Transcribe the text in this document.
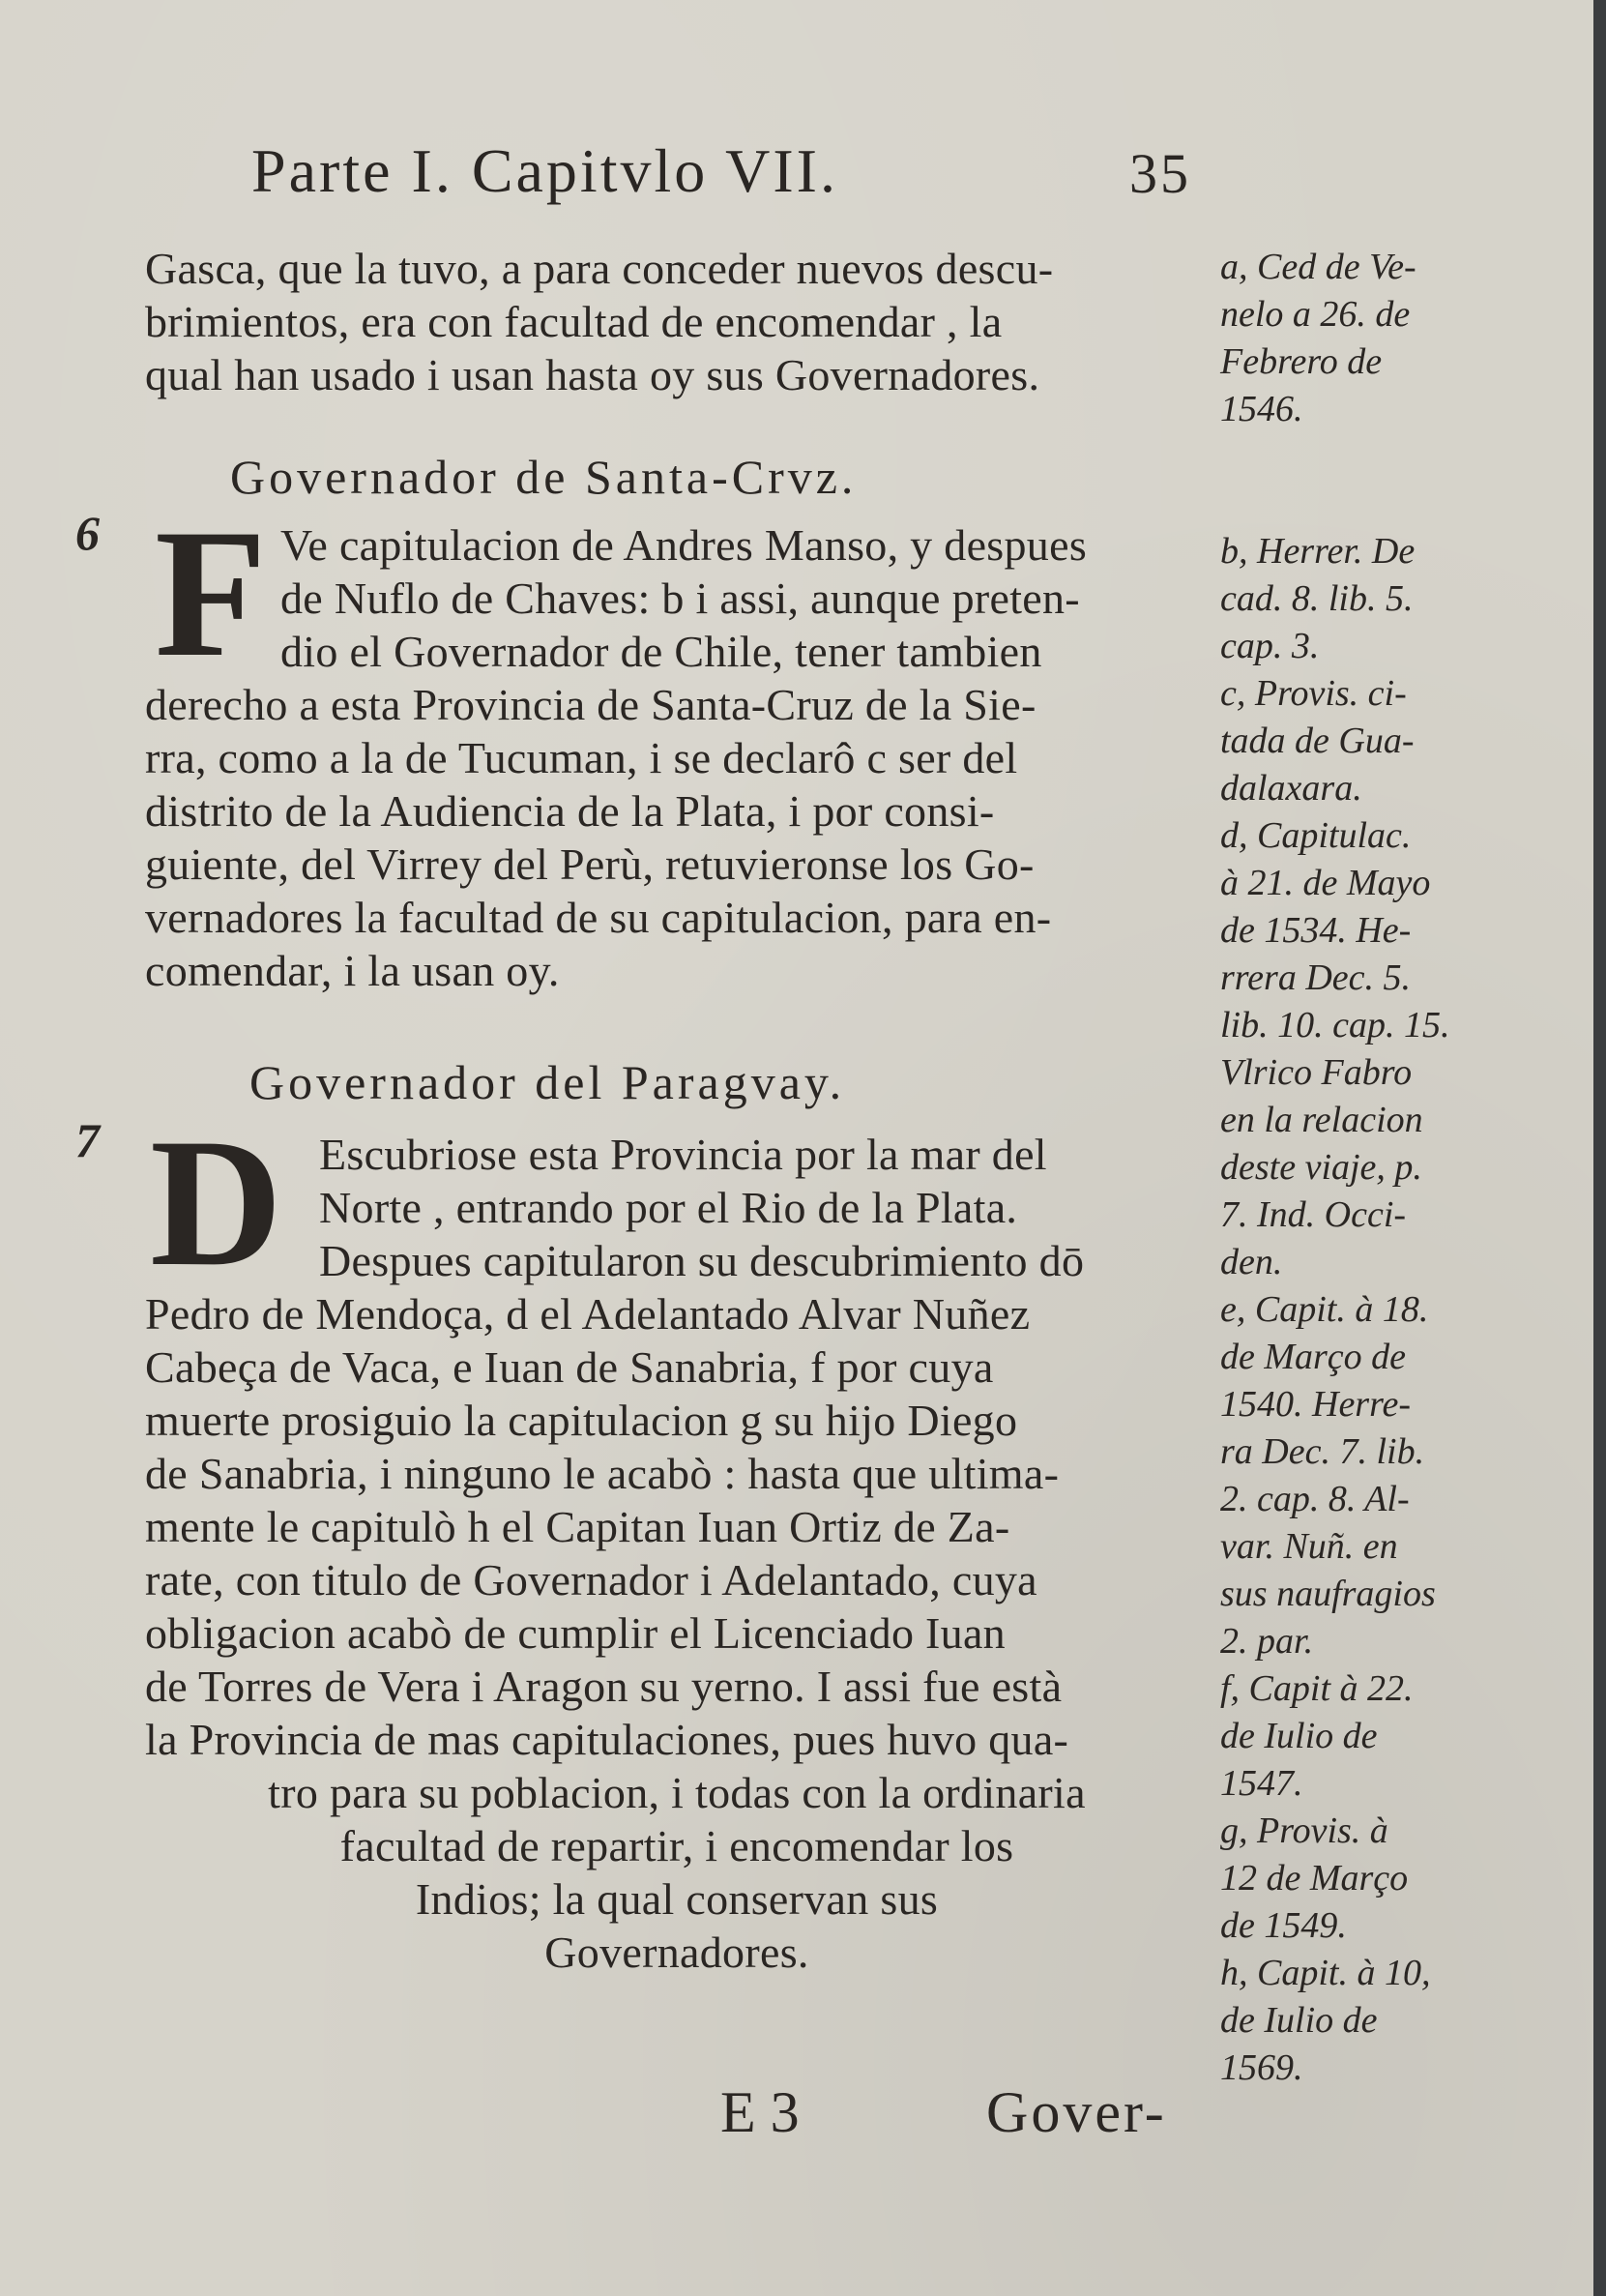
Parte I. Capitvlo VII.	35
Gasca, que la tuvo, a para conceder nuevos descu-
brimientos, era con facultad de encomendar , la
qual han usado i usan hasta oy sus Governadores.
Governador de Santa-Crvz.
6 F Ve capitulacion de Andres Manso, y despues
de Nuflo de Chaves: b i assi, aunque preten-
dio el Governador de Chile, tener tambien
derecho a esta Provincia de Santa-Cruz de la Sie-
rra, como a la de Tucuman, i se declarô c ser del
distrito de la Audiencia de la Plata, i por consi-
guiente, del Virrey del Perù, retuvieronse los Go-
vernadores la facultad de su capitulacion, para en-
comendar, i la usan oy.
Governador del Paragvay.
7 D Escubriose esta Provincia por la mar del
Norte , entrando por el Rio de la Plata.
Despues capitularon su descubrimiento dō
Pedro de Mendoça, d el Adelantado Alvar Nuñez
Cabeça de Vaca, e Iuan de Sanabria, f por cuya
muerte prosiguio la capitulacion g su hijo Diego
de Sanabria, i ninguno le acabò : hasta que ultima-
mente le capitulò h el Capitan Iuan Ortiz de Za-
rate, con titulo de Governador i Adelantado, cuya
obligacion acabò de cumplir el Licenciado Iuan
de Torres de Vera i Aragon su yerno. I assi fue està
la Provincia de mas capitulaciones, pues huvo qua-
tro para su poblacion, i todas con la ordinaria
facultad de repartir, i encomendar los
Indios; la qual conservan sus
Governadores.
a, Ced de Ve-
nelo a 26. de
Febrero de
1546.
b, Herrer. De
cad. 8. lib. 5.
cap. 3.
c, Provis. ci-
tada de Gua-
dalaxara.
d, Capitulac.
à 21. de Mayo
de 1534. He-
rrera Dec. 5.
lib. 10. cap. 15.
Vlrico Fabro
en la relacion
deste viaje, p.
7. Ind. Occi-
den.
e, Capit. à 18.
de Março de
1540. Herre-
ra Dec. 7. lib.
2. cap. 8. Al-
var. Nuñ. en
sus naufragios
2. par.
f, Capit à 22.
de Iulio de
1547.
g, Provis. à
12 de Março
de 1549.
h, Capit. à 10,
de Iulio de
1569.
E 3	Gover-
